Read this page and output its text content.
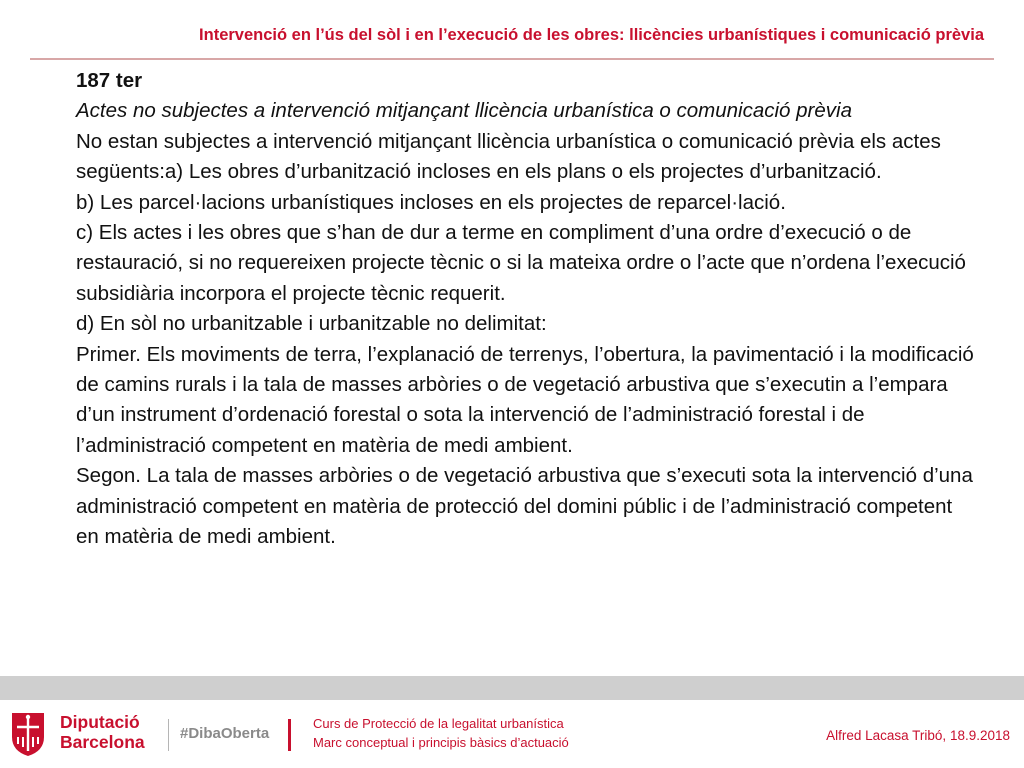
Intervenció en l’ús del sòl i en l’execució de les obres: llicències urbanístiques i comunicació prèvia
187 ter
Actes no subjectes a intervenció mitjançant llicència urbanística o comunicació prèvia

No estan subjectes a intervenció mitjançant llicència urbanística o comunicació prèvia els actes següents:a) Les obres d’urbanització incloses en els plans o els projectes d’urbanització.

b) Les parcel·lacions urbanístiques incloses en els projectes de reparcel·lació.

c) Els actes i les obres que s’han de dur a terme en compliment d’una ordre d’execució o de restauració, si no requereixen projecte tècnic o si la mateixa ordre o l’acte que n’ordena l’execució subsidiària incorpora el projecte tècnic requerit.

d) En sòl no urbanitzable i urbanitzable no delimitat:

Primer. Els moviments de terra, l’explanació de terrenys, l’obertura, la pavimentació i la modificació de camins rurals i la tala de masses arbòries o de vegetació arbustiva que s’executin a l’empara d’un instrument d’ordenació forestal o sota la intervenció de l’administració forestal i de l’administració competent en matèria de medi ambient.

Segon. La tala de masses arbòries o de vegetació arbustiva que s’executi sota la intervenció d’una administració competent en matèria de protecció del domini públic i de l’administració competent en matèria de medi ambient.

Diputació
Barcelona #DibaOberta
Curs de Protecció de la legalitat urbanística
Marc conceptual i principis bàsics d’actuació	Alfred Lacasa Tribó, 18.9.2018
